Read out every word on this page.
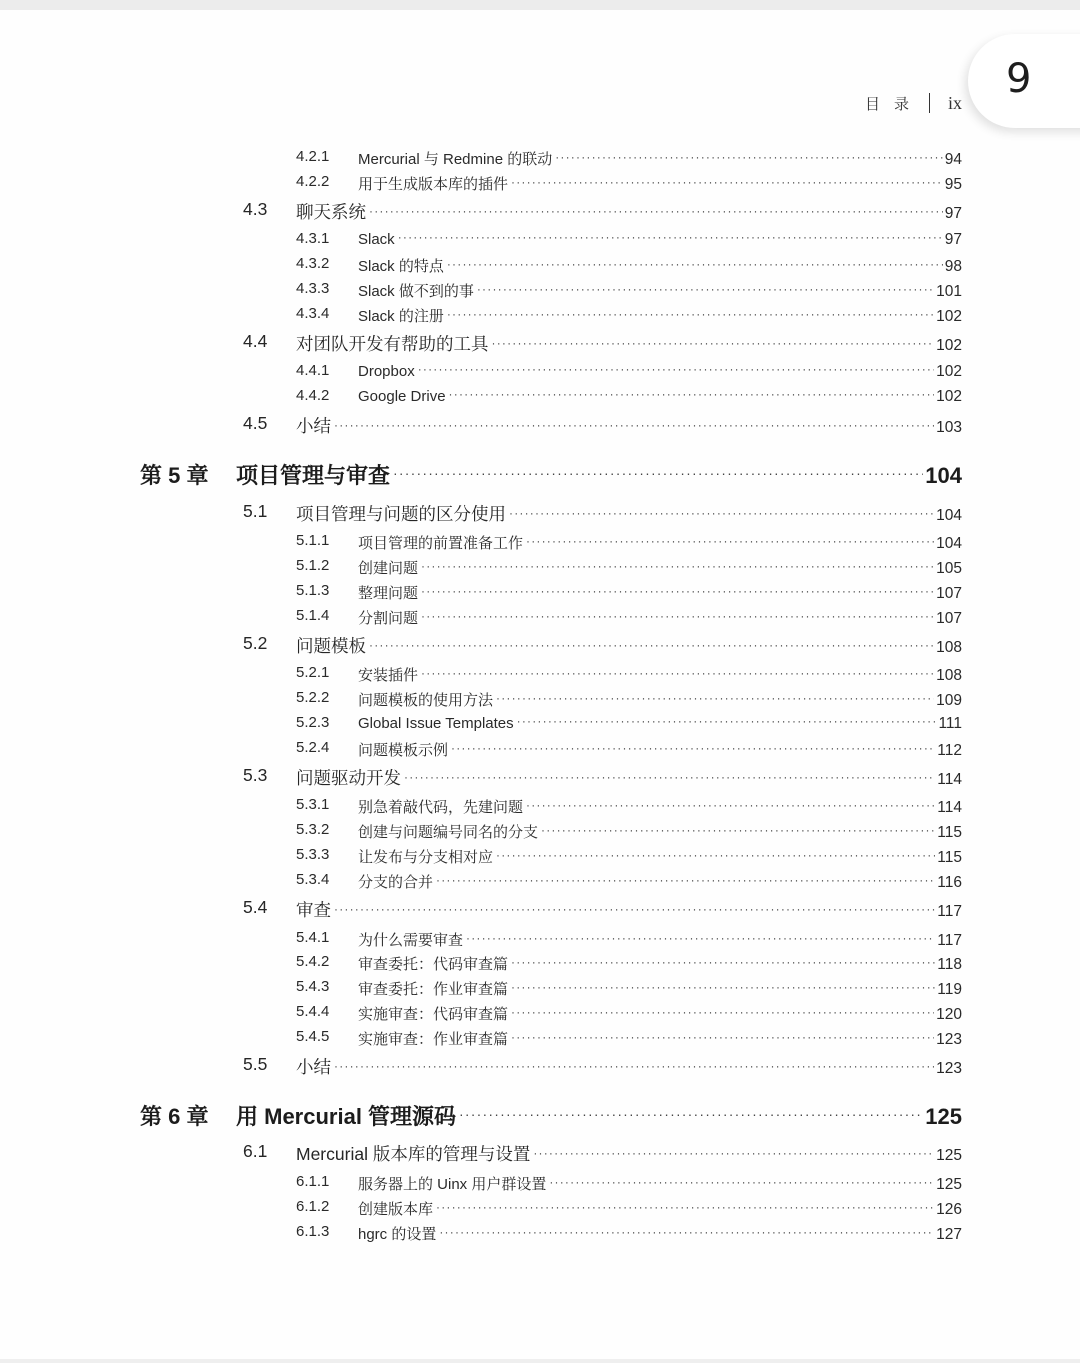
目录 ix
9
4.2.1 Mercurial 与 Redmine 的联动 ·····	94
4.2.2 用于生成版本库的插件 ·····	95
4.3 聊天系统 ·····	97
4.3.1 Slack ·····	97
4.3.2 Slack 的特点 ·····	98
4.3.3 Slack 做不到的事 ·····	101
4.3.4 Slack 的注册 ·····	102
4.4 对团队开发有帮助的工具 ·····	102
4.4.1 Dropbox ·····	102
4.4.2 Google Drive ·····	102
4.5 小结 ·····	103
第 5 章 项目管理与审查 ·····	104
5.1 项目管理与问题的区分使用 ·····	104
5.1.1 项目管理的前置准备工作 ·····	104
5.1.2 创建问题 ·····	105
5.1.3 整理问题 ·····	107
5.1.4 分割问题 ·····	107
5.2 问题模板 ·····	108
5.2.1 安装插件 ·····	108
5.2.2 问题模板的使用方法 ·····	109
5.2.3 Global Issue Templates ·····	111
5.2.4 问题模板示例 ·····	112
5.3 问题驱动开发 ·····	114
5.3.1 别急着敲代码，先建问题 ·····	114
5.3.2 创建与问题编号同名的分支 ·····	115
5.3.3 让发布与分支相对应 ·····	115
5.3.4 分支的合并 ·····	116
5.4 审查 ·····	117
5.4.1 为什么需要审查 ·····	117
5.4.2 审查委托：代码审查篇 ·····	118
5.4.3 审查委托：作业审查篇 ·····	119
5.4.4 实施审查：代码审查篇 ·····	120
5.4.5 实施审查：作业审查篇 ·····	123
5.5 小结 ·····	123
第 6 章 用 Mercurial 管理源码 ·····	125
6.1 Mercurial 版本库的管理与设置 ·····	125
6.1.1 服务器上的 Uinx 用户群设置 ·····	125
6.1.2 创建版本库 ·····	126
6.1.3 hgrc 的设置 ·····	127
